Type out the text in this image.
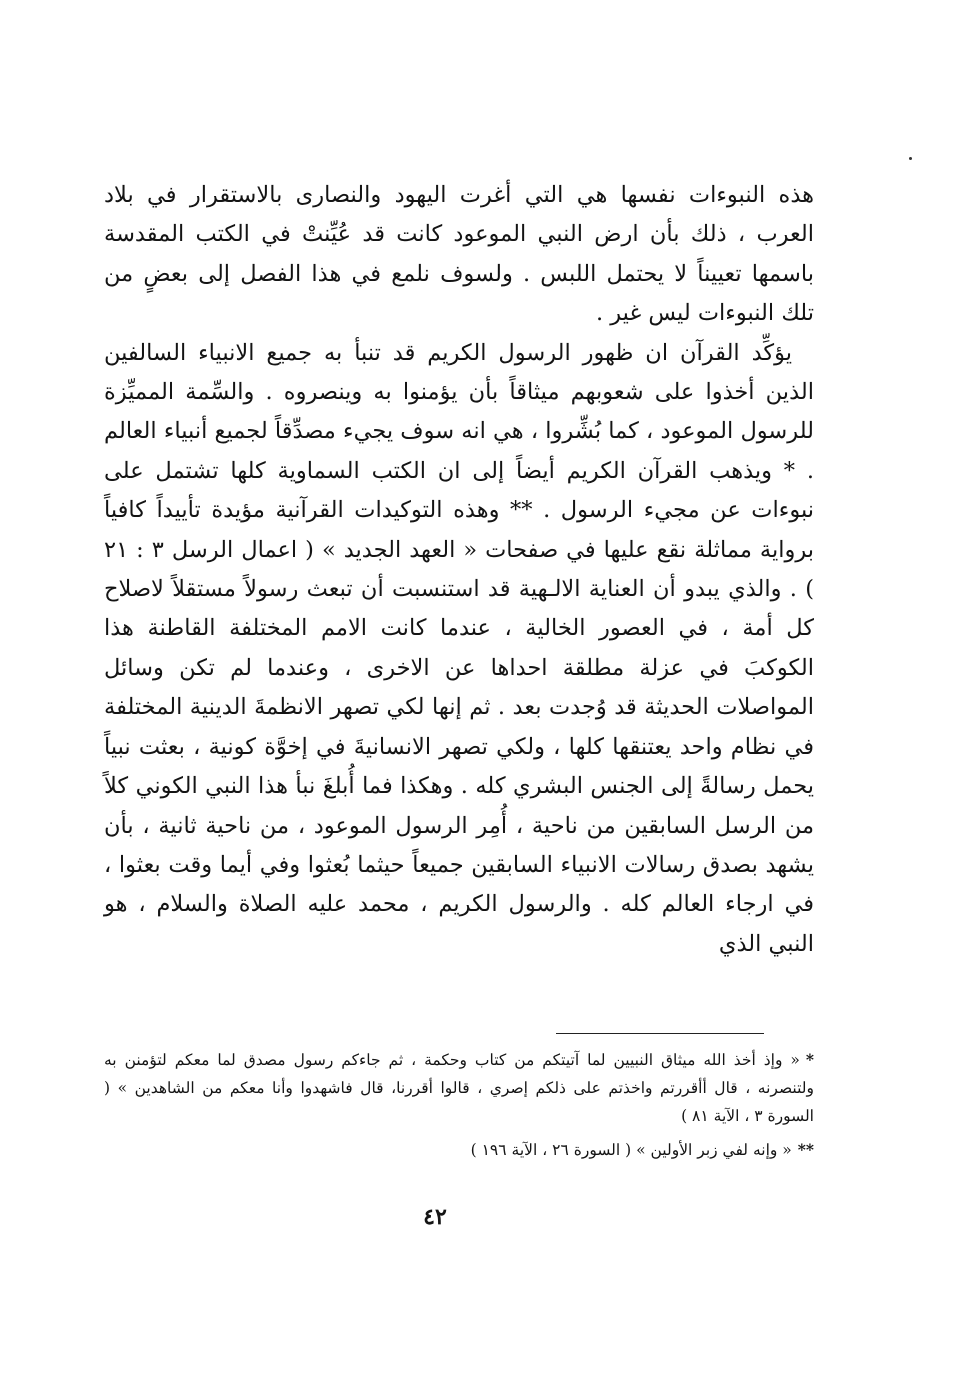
هذه النبوءات نفسها هي التي أغرت اليهود والنصارى بالاستقرار في بلاد العرب ، ذلك بأن ارض النبي الموعود كانت قد عُيِّنتْ في الكتب المقدسة باسمها تعييناً لا يحتمل اللبس . ولسوف نلمع في هذا الفصل إلى بعضٍ من تلك النبوءات ليس غير .

يؤكِّد القرآن ان ظهور الرسول الكريم قد تنبأ به جميع الانبياء السالفين الذين أخذوا على شعوبهم ميثاقاً بأن يؤمنوا به وينصروه . والسِّمة المميِّزة للرسول الموعود ، كما بُشِّروا ، هي انه سوف يجيء مصدِّقاً لجميع أنبياء العالم . * ويذهب القرآن الكريم أيضاً إلى ان الكتب السماوية كلها تشتمل على نبوءات عن مجيء الرسول . ** وهذه التوكيدات القرآنية مؤيدة تأييداً كافياً برواية مماثلة نقع عليها في صفحات « العهد الجديد » ( اعمال الرسل ٣ : ٢١ ) . والذي يبدو أن العناية الالـهية قد استنسبت أن تبعث رسولاً مستقلاً لاصلاح كل أمة ، في العصور الخالية ، عندما كانت الامم المختلفة القاطنة هذا الكوكبَ في عزلة مطلقة احداها عن الاخرى ، وعندما لم تكن وسائل المواصلات الحديثة قد وُجدت بعد . ثم إنها لكي تصهر الانظمةَ الدينية المختلفة في نظام واحد يعتنقها كلها ، ولكي تصهر الانسانيةَ في إخوَّة كونية ، بعثت نبياً يحمل رسالةً إلى الجنس البشري كله . وهكذا فما أُبلغَ نبأ هذا النبي الكوني كلاً من الرسل السابقين من ناحية ، أُمِر الرسول الموعود ، من ناحية ثانية ، بأن يشهد بصدق رسالات الانبياء السابقين جميعاً حيثما بُعثوا وفي أيما وقت بعثوا ، في ارجاء العالم كله . والرسول الكريم ، محمد عليه الصلاة والسلام ، هو النبي الذي

*« وإذ أخذ الله ميثاق النبيين لما آتيتكم من كتاب وحكمة ، ثم جاءكم رسول مصدق لما معكم لتؤمنن به ولتنصرنه ، قال أأقررتم واخذتم على ذلكم إصري ، قالوا أقررنا، قال فاشهدوا وأنا معكم من الشاهدين » ( السورة ٣ ، الآية ٨١ )

**« وإنه لفي زبر الأولين » ( السورة ٢٦ ، الآية ١٩٦ )

٤٢
